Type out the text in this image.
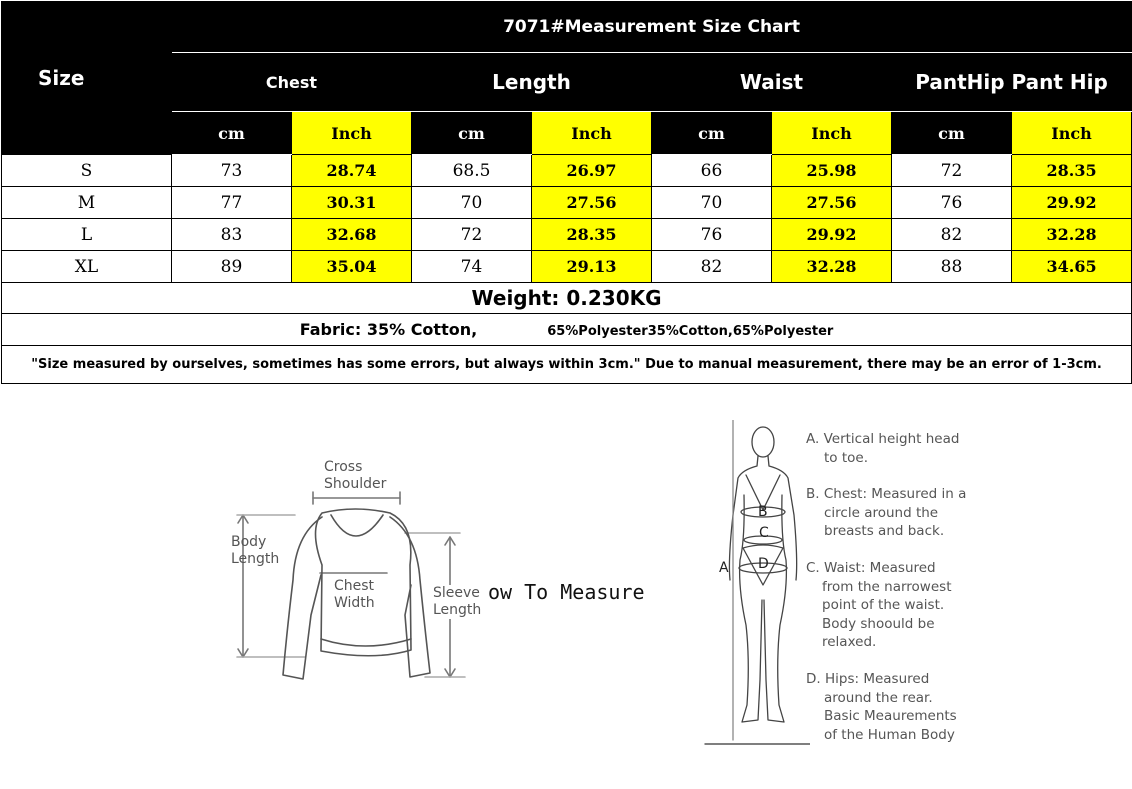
Size	7071#Measurement Size Chart							
	Chest		Length		Waist		PantHip Pant Hip	
	cm	Inch	cm	Inch	cm	Inch	cm	Inch
S	73	28.74	68.5	26.97	66	25.98	72	28.35
M	77	30.31	70	27.56	70	27.56	76	29.92
L	83	32.68	72	28.35	76	29.92	82	32.28
XL	89	35.04	74	29.13	82	32.28	88	34.65
Weight: 0.230KG								
Fabric: 35% Cotton, 65%Polyester35%Cotton,65%Polyester								
"Size measured by ourselves, sometimes has some errors, but always within 3cm." Due to manual measurement, there may be an error of 1-3cm.								
Cross
Shoulder
Body
Length
Chest
Width
Sleeve
Length
ow To Measure
B
C
D
A
A. Vertical height head
to toe.
B. Chest: Measured in a
circle around the
breasts and back.
C. Waist: Measured
from the narrowest
point of the waist.
Body shoould be
relaxed.
D. Hips: Measured
around the rear.
Basic Meaurements
of the Human Body
